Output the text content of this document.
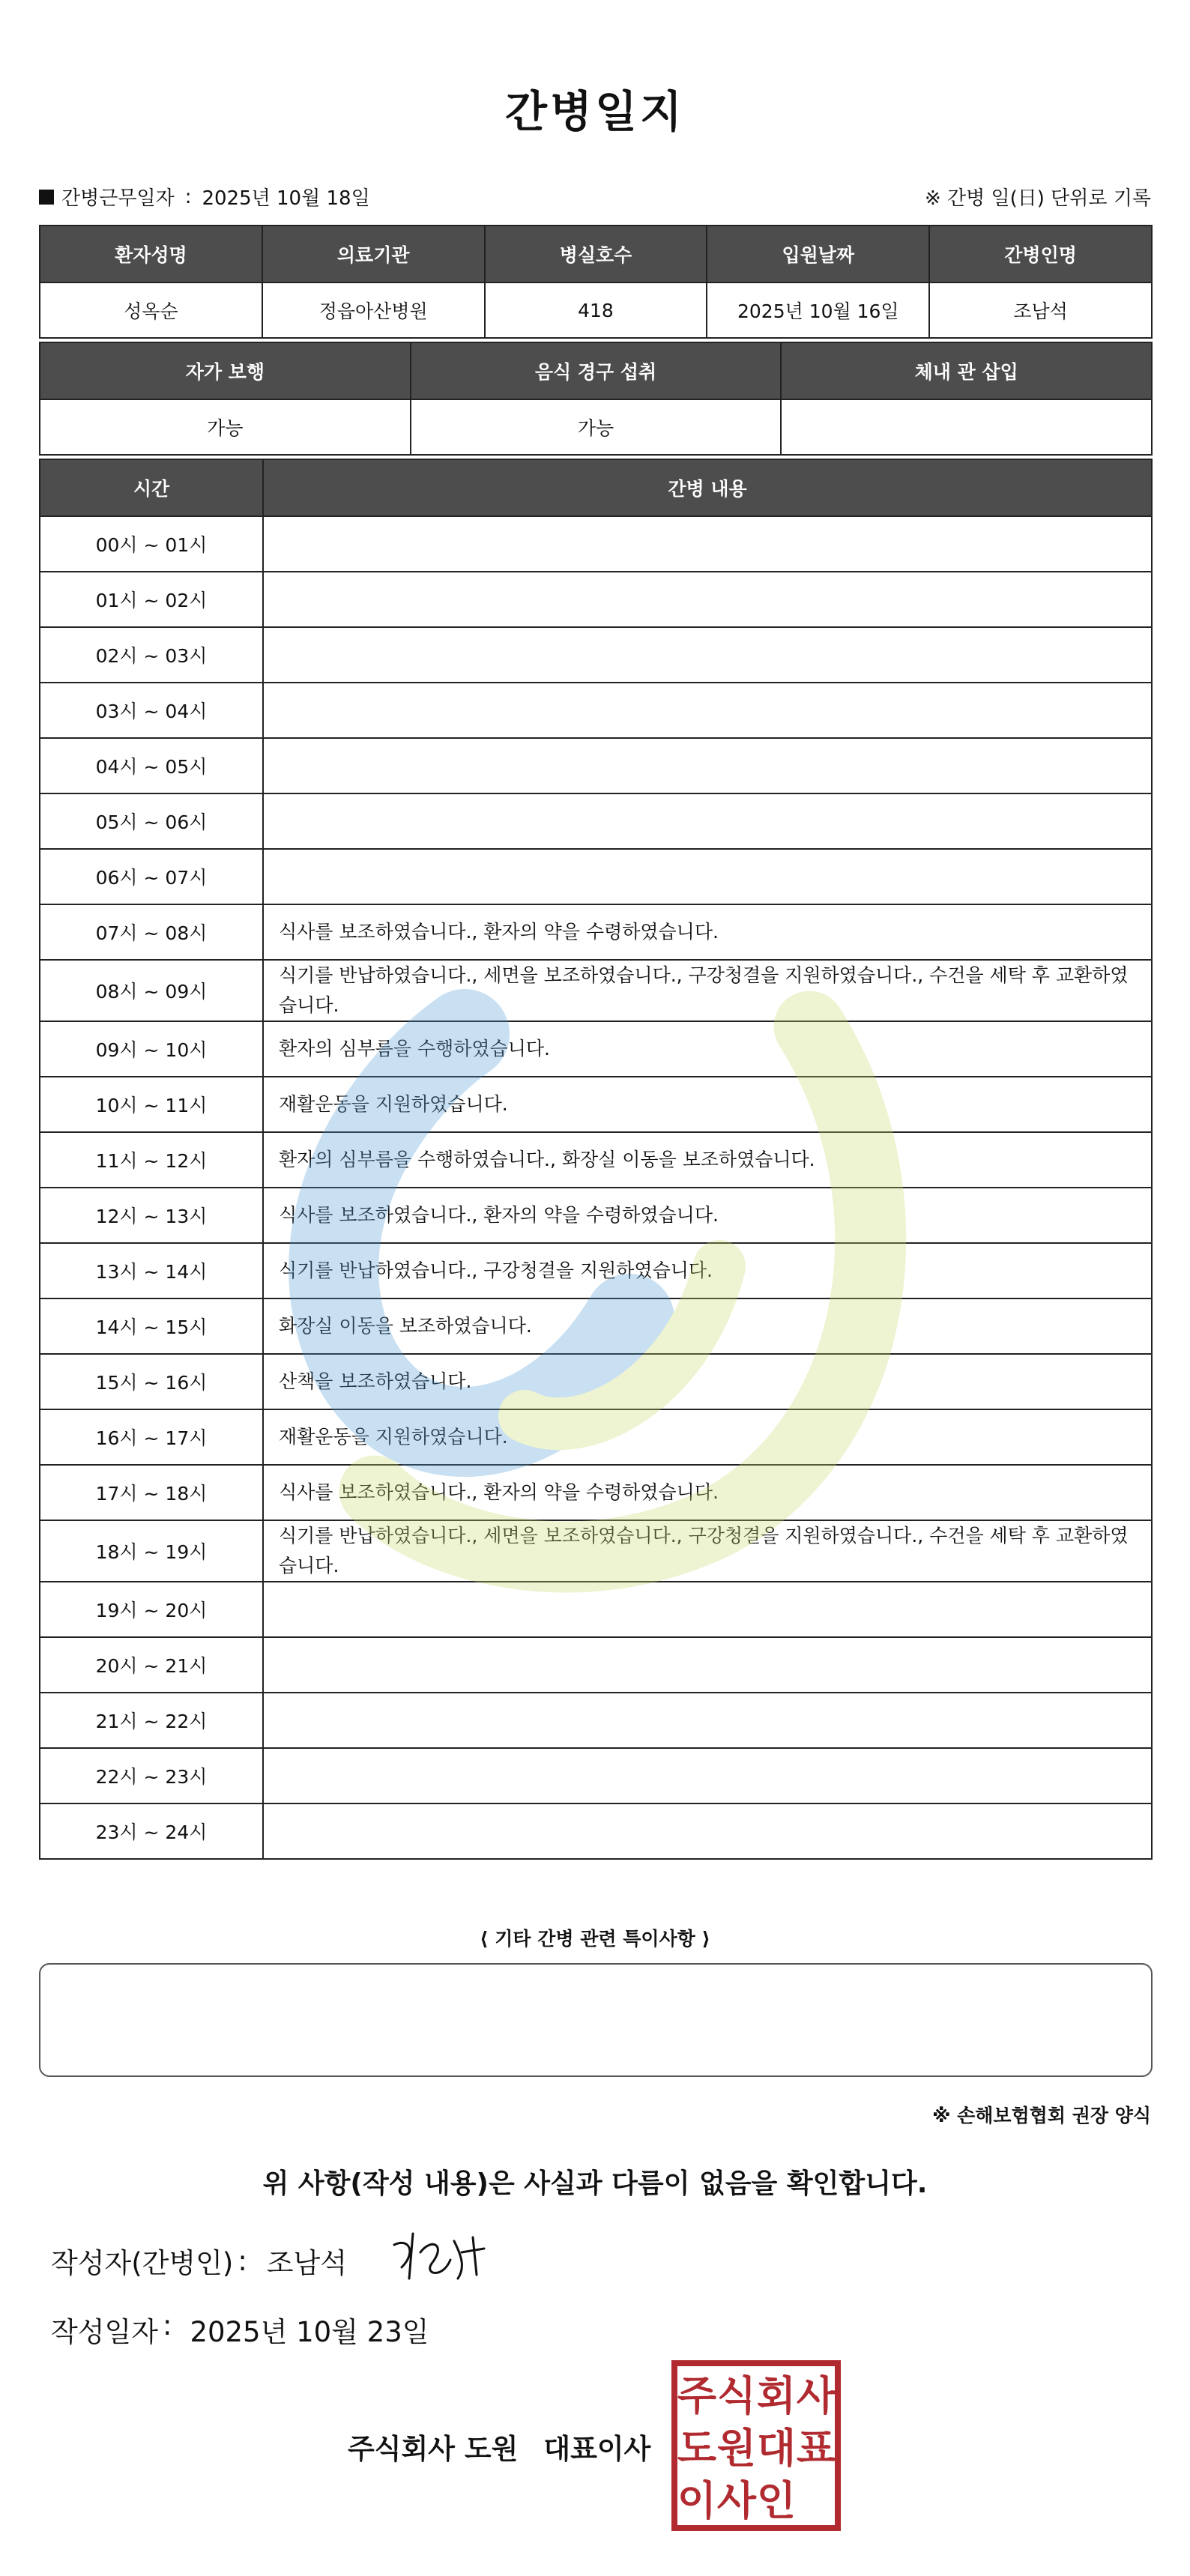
간병일지
간병근무일자 : 2025년 10월 18일	※ 간병 일(日) 단위로 기록
환자성명	의료기관	병실호수	입원날짜	간병인명
성옥순	정읍아산병원	418	2025년 10월 16일	조남석
자가 보행	음식 경구 섭취	체내 관 삽입
가능	가능	
시간	간병 내용
00시 ~ 01시	
01시 ~ 02시	
02시 ~ 03시	
03시 ~ 04시	
04시 ~ 05시	
05시 ~ 06시	
06시 ~ 07시	
07시 ~ 08시	식사를 보조하였습니다., 환자의 약을 수령하였습니다.
08시 ~ 09시	식기를 반납하였습니다., 세면을 보조하였습니다., 구강청결을 지원하였습니다., 수건을 세탁 후 교환하였습니다.
09시 ~ 10시	환자의 심부름을 수행하였습니다.
10시 ~ 11시	재활운동을 지원하였습니다.
11시 ~ 12시	환자의 심부름을 수행하였습니다., 화장실 이동을 보조하였습니다.
12시 ~ 13시	식사를 보조하였습니다., 환자의 약을 수령하였습니다.
13시 ~ 14시	식기를 반납하였습니다., 구강청결을 지원하였습니다.
14시 ~ 15시	화장실 이동을 보조하였습니다.
15시 ~ 16시	산책을 보조하였습니다.
16시 ~ 17시	재활운동을 지원하였습니다.
17시 ~ 18시	식사를 보조하였습니다., 환자의 약을 수령하였습니다.
18시 ~ 19시	식기를 반납하였습니다., 세면을 보조하였습니다., 구강청결을 지원하였습니다., 수건을 세탁 후 교환하였습니다.
19시 ~ 20시	
20시 ~ 21시	
21시 ~ 22시	
22시 ~ 23시	
23시 ~ 24시	
⟨ 기타 간병 관련 특이사항 ⟩
※ 손해보험협회 권장 양식
위 사항(작성 내용)은 사실과 다름이 없음을 확인합니다.
작성자(간병인) : 조남석
작성일자 : 2025년 10월 23일
주식회사 도원 대표이사
주 식 회 사
도 원 대 표
이 사 인
